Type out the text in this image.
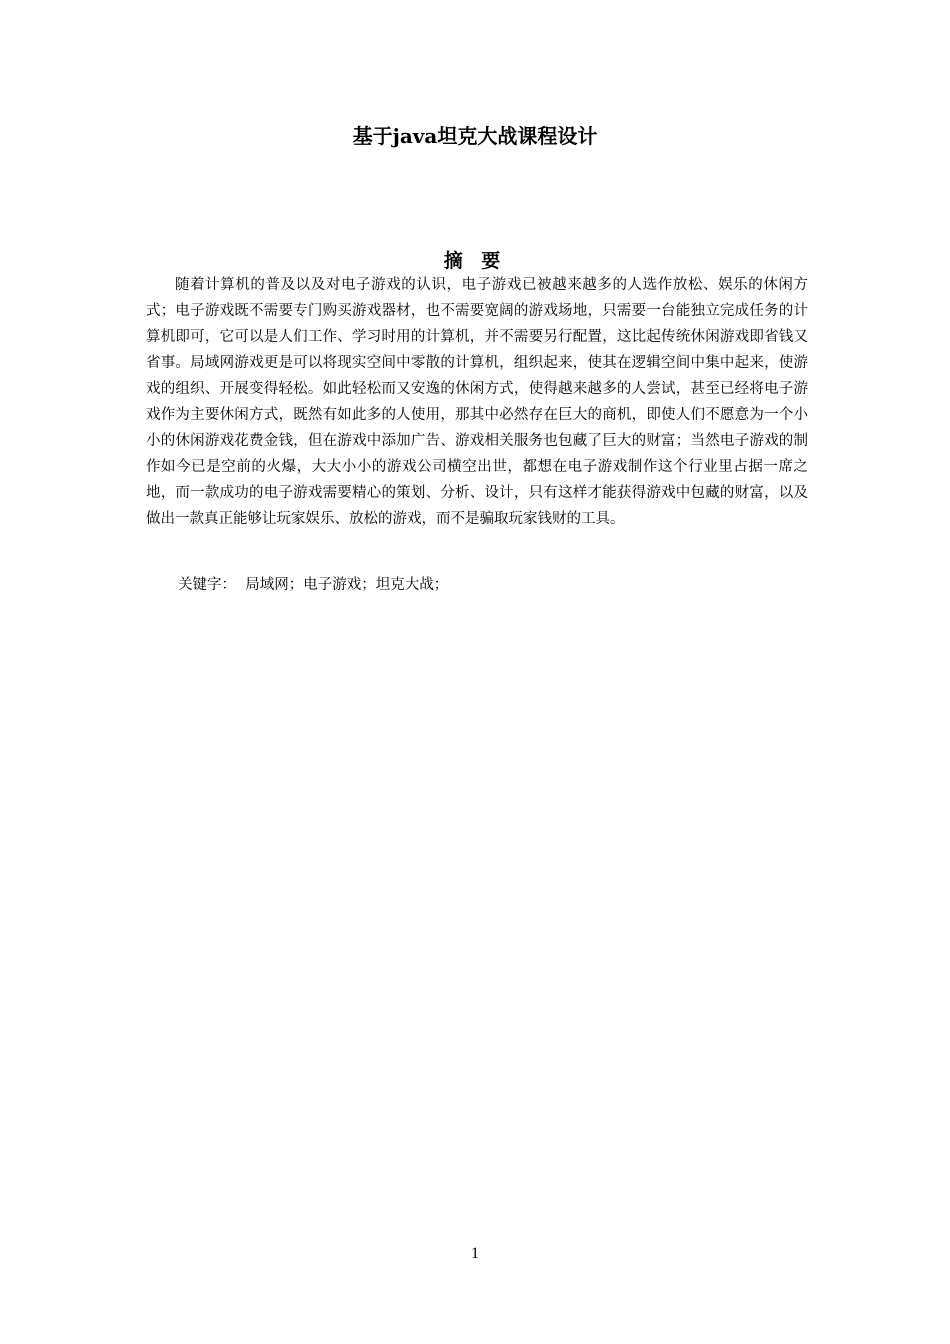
基于java坦克大战课程设计
摘 要

随着计算机的普及以及对电子游戏的认识，电子游戏已被越来越多的人选作放松、娱乐的休闲方式；电子游戏既不需要专门购买游戏器材，也不需要宽阔的游戏场地，只需要一台能独立完成任务的计算机即可，它可以是人们工作、学习时用的计算机，并不需要另行配置，这比起传统休闲游戏即省钱又省事。局域网游戏更是可以将现实空间中零散的计算机，组织起来，使其在逻辑空间中集中起来，使游戏的组织、开展变得轻松。如此轻松而又安逸的休闲方式，使得越来越多的人尝试，甚至已经将电子游戏作为主要休闲方式，既然有如此多的人使用，那其中必然存在巨大的商机，即使人们不愿意为一个小小的休闲游戏花费金钱，但在游戏中添加广告、游戏相关服务也包藏了巨大的财富；当然电子游戏的制作如今已是空前的火爆，大大小小的游戏公司横空出世，都想在电子游戏制作这个行业里占据一席之地，而一款成功的电子游戏需要精心的策划、分析、设计，只有这样才能获得游戏中包藏的财富，以及做出一款真正能够让玩家娱乐、放松的游戏，而不是骗取玩家钱财的工具。

关键字：  局域网；电子游戏；坦克大战；
1
